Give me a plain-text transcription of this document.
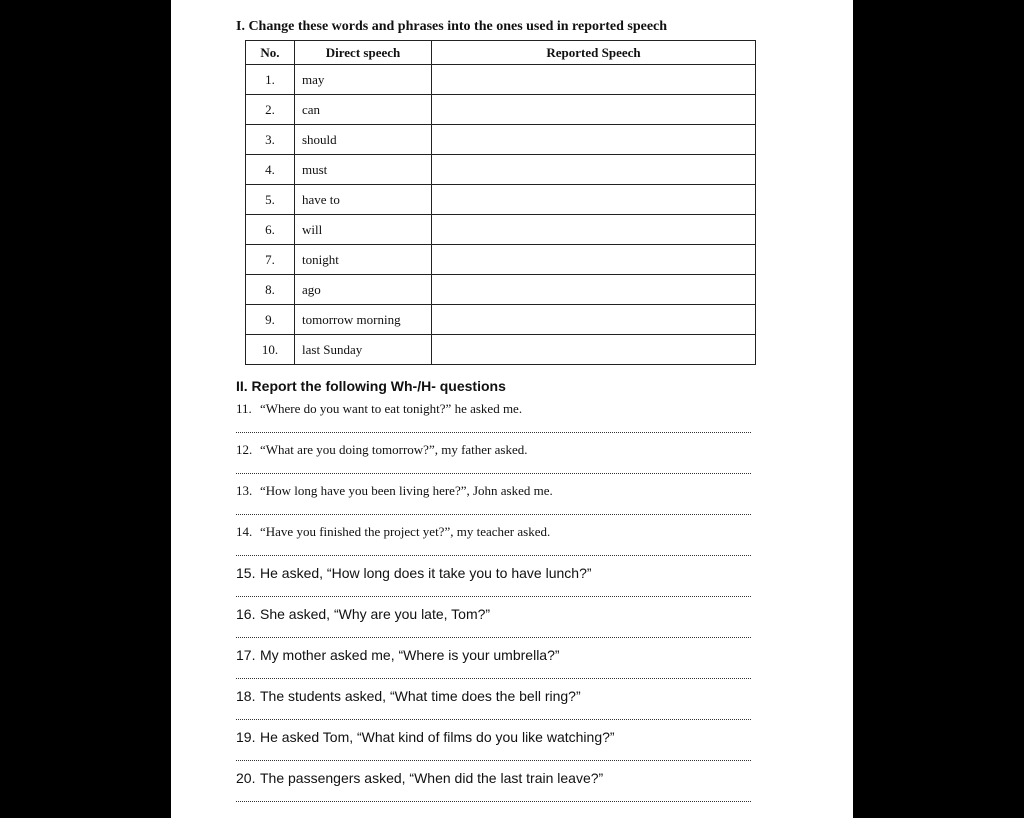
I. Change these words and phrases into the ones used in reported speech
No.	Direct speech	Reported Speech
1.	may	
2.	can	
3.	should	
4.	must	
5.	have to	
6.	will	
7.	tonight	
8.	ago	
9.	tomorrow morning	
10.	last Sunday	
II. Report the following Wh-/H- questions
11. “Where do you want to eat tonight?” he asked me.
12. “What are you doing tomorrow?”, my father asked.
13. “How long have you been living here?”, John asked me.
14. “Have you finished the project yet?”, my teacher asked.
15. He asked, “How long does it take you to have lunch?”
16. She asked, “Why are you late, Tom?”
17. My mother asked me, “Where is your umbrella?”
18. The students asked, “What time does the bell ring?”
19. He asked Tom, “What kind of films do you like watching?”
20. The passengers asked, “When did the last train leave?”
